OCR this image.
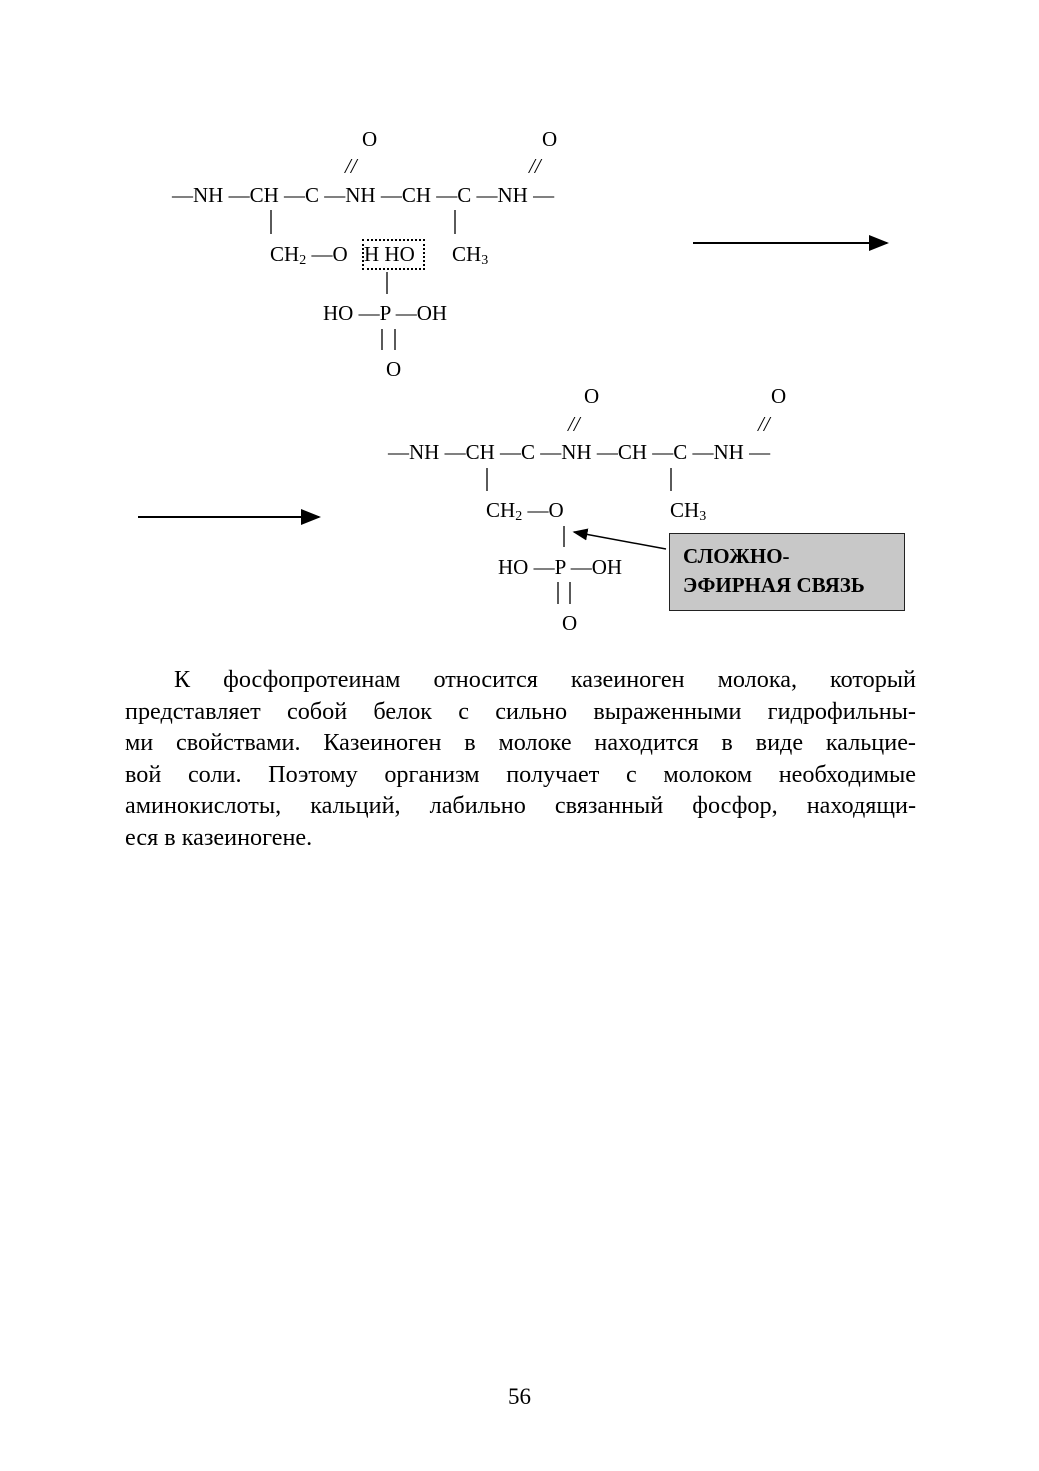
O	O
//	//
—NH —CH —C —NH —CH —C —NH —
$CH_2$ —O H HO $CH_3$
HO —P —OH
O
O	O
//	//
—NH —CH —C —NH —CH —C —NH —
$CH_2$ —O	$CH_3$
HO —P —OH
O
СЛОЖНО-
ЭФИРНАЯ СВЯЗЬ
К фосфопротеинам относится казеиноген молока, который
представляет собой белок с сильно выраженными гидрофильны-
ми свойствами. Казеиноген в молоке находится в виде кальцие-
вой соли. Поэтому организм получает с молоком необходимые
аминокислоты, кальций, лабильно связанный фосфор, находящи-
еся в казеиногене.
56
